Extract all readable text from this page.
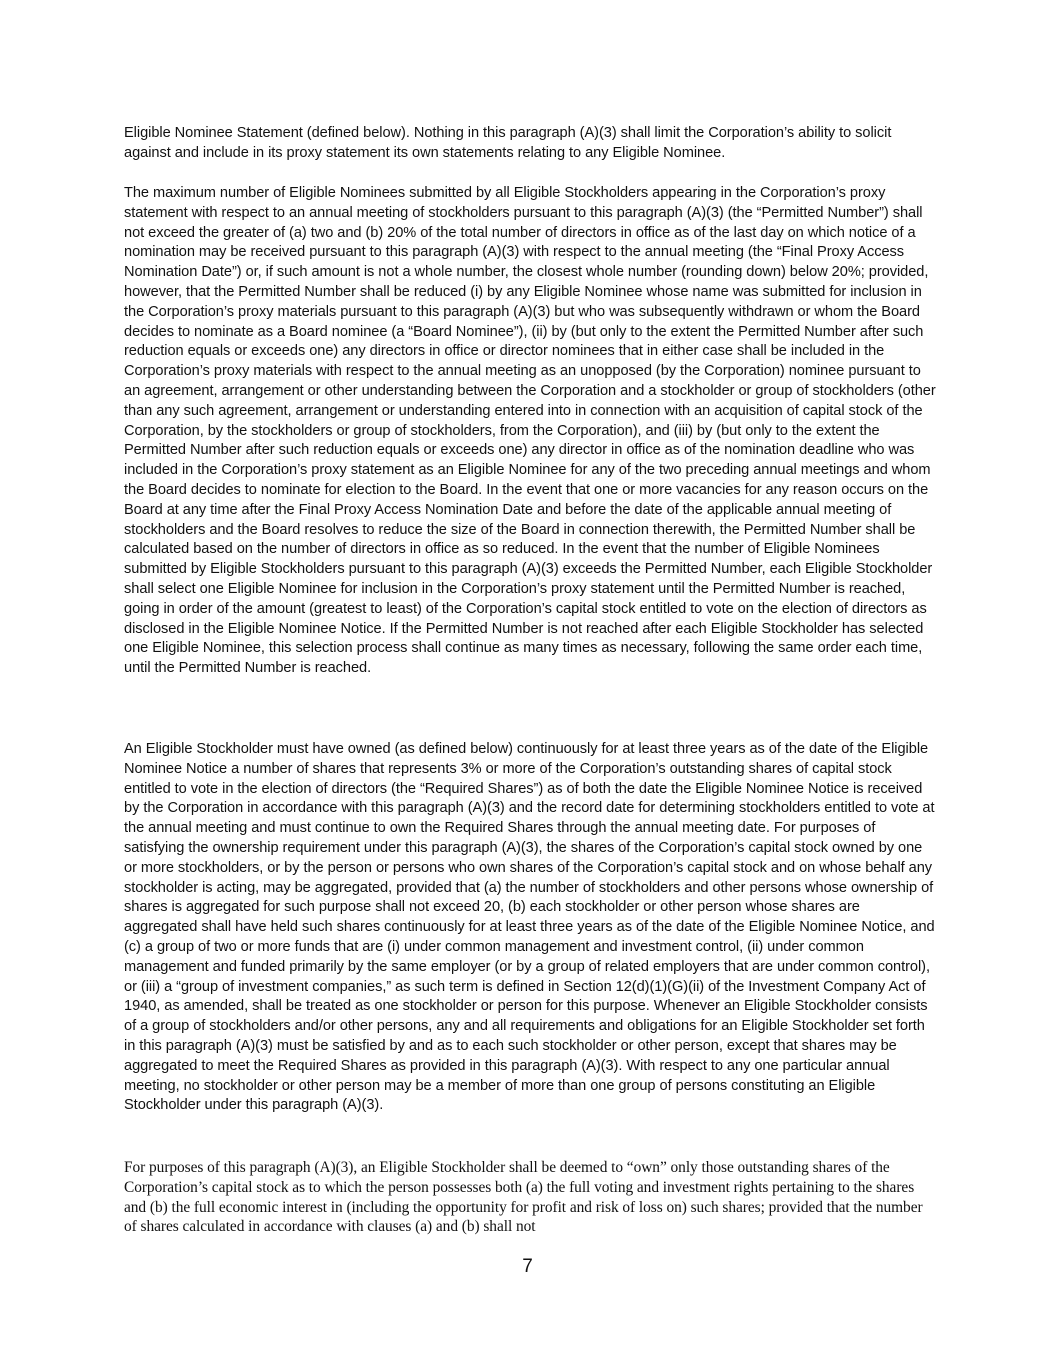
Eligible Nominee Statement (defined below). Nothing in this paragraph (A)(3) shall limit the Corporation’s ability to solicit against and include in its proxy statement its own statements relating to any Eligible Nominee.

The maximum number of Eligible Nominees submitted by all Eligible Stockholders appearing in the Corporation’s proxy statement with respect to an annual meeting of stockholders pursuant to this paragraph (A)(3) (the “Permitted Number”) shall not exceed the greater of (a) two and (b) 20% of the total number of directors in office as of the last day on which notice of a nomination may be received pursuant to this paragraph (A)(3) with respect to the annual meeting (the “Final Proxy Access Nomination Date”) or, if such amount is not a whole number, the closest whole number (rounding down) below 20%; provided, however, that the Permitted Number shall be reduced (i) by any Eligible Nominee whose name was submitted for inclusion in the Corporation’s proxy materials pursuant to this paragraph (A)(3) but who was subsequently withdrawn or whom the Board decides to nominate as a Board nominee (a “Board Nominee”), (ii) by (but only to the extent the Permitted Number after such reduction equals or exceeds one) any directors in office or director nominees that in either case shall be included in the Corporation’s proxy materials with respect to the annual meeting as an unopposed (by the Corporation) nominee pursuant to an agreement, arrangement or other understanding between the Corporation and a stockholder or group of stockholders (other than any such agreement, arrangement or understanding entered into in connection with an acquisition of capital stock of the Corporation, by the stockholders or group of stockholders, from the Corporation), and (iii) by (but only to the extent the Permitted Number after such reduction equals or exceeds one) any director in office as of the nomination deadline who was included in the Corporation’s proxy statement as an Eligible Nominee for any of the two preceding annual meetings and whom the Board decides to nominate for election to the Board. In the event that one or more vacancies for any reason occurs on the Board at any time after the Final Proxy Access Nomination Date and before the date of the applicable annual meeting of stockholders and the Board resolves to reduce the size of the Board in connection therewith, the Permitted Number shall be calculated based on the number of directors in office as so reduced. In the event that the number of Eligible Nominees submitted by Eligible Stockholders pursuant to this paragraph (A)(3) exceeds the Permitted Number, each Eligible Stockholder shall select one Eligible Nominee for inclusion in the Corporation’s proxy statement until the Permitted Number is reached, going in order of the amount (greatest to least) of the Corporation’s capital stock entitled to vote on the election of directors as disclosed in the Eligible Nominee Notice. If the Permitted Number is not reached after each Eligible Stockholder has selected one Eligible Nominee, this selection process shall continue as many times as necessary, following the same order each time, until the Permitted Number is reached.

An Eligible Stockholder must have owned (as defined below) continuously for at least three years as of the date of the Eligible Nominee Notice a number of shares that represents 3% or more of the Corporation’s outstanding shares of capital stock entitled to vote in the election of directors (the “Required Shares”) as of both the date the Eligible Nominee Notice is received by the Corporation in accordance with this paragraph (A)(3) and the record date for determining stockholders entitled to vote at the annual meeting and must continue to own the Required Shares through the annual meeting date. For purposes of satisfying the ownership requirement under this paragraph (A)(3), the shares of the Corporation’s capital stock owned by one or more stockholders, or by the person or persons who own shares of the Corporation’s capital stock and on whose behalf any stockholder is acting, may be aggregated, provided that (a) the number of stockholders and other persons whose ownership of shares is aggregated for such purpose shall not exceed 20, (b) each stockholder or other person whose shares are aggregated shall have held such shares continuously for at least three years as of the date of the Eligible Nominee Notice, and (c) a group of two or more funds that are (i) under common management and investment control, (ii) under common management and funded primarily by the same employer (or by a group of related employers that are under common control), or (iii) a “group of investment companies,” as such term is defined in Section 12(d)(1)(G)(ii) of the Investment Company Act of 1940, as amended, shall be treated as one stockholder or person for this purpose. Whenever an Eligible Stockholder consists of a group of stockholders and/or other persons, any and all requirements and obligations for an Eligible Stockholder set forth in this paragraph (A)(3) must be satisfied by and as to each such stockholder or other person, except that shares may be aggregated to meet the Required Shares as provided in this paragraph (A)(3). With respect to any one particular annual meeting, no stockholder or other person may be a member of more than one group of persons constituting an Eligible Stockholder under this paragraph (A)(3).

For purposes of this paragraph (A)(3), an Eligible Stockholder shall be deemed to “own” only those outstanding shares of the Corporation’s capital stock as to which the person possesses both (a) the full voting and investment rights pertaining to the shares and (b) the full economic interest in (including the opportunity for profit and risk of loss on) such shares; provided that the number of shares calculated in accordance with clauses (a) and (b) shall not

7
